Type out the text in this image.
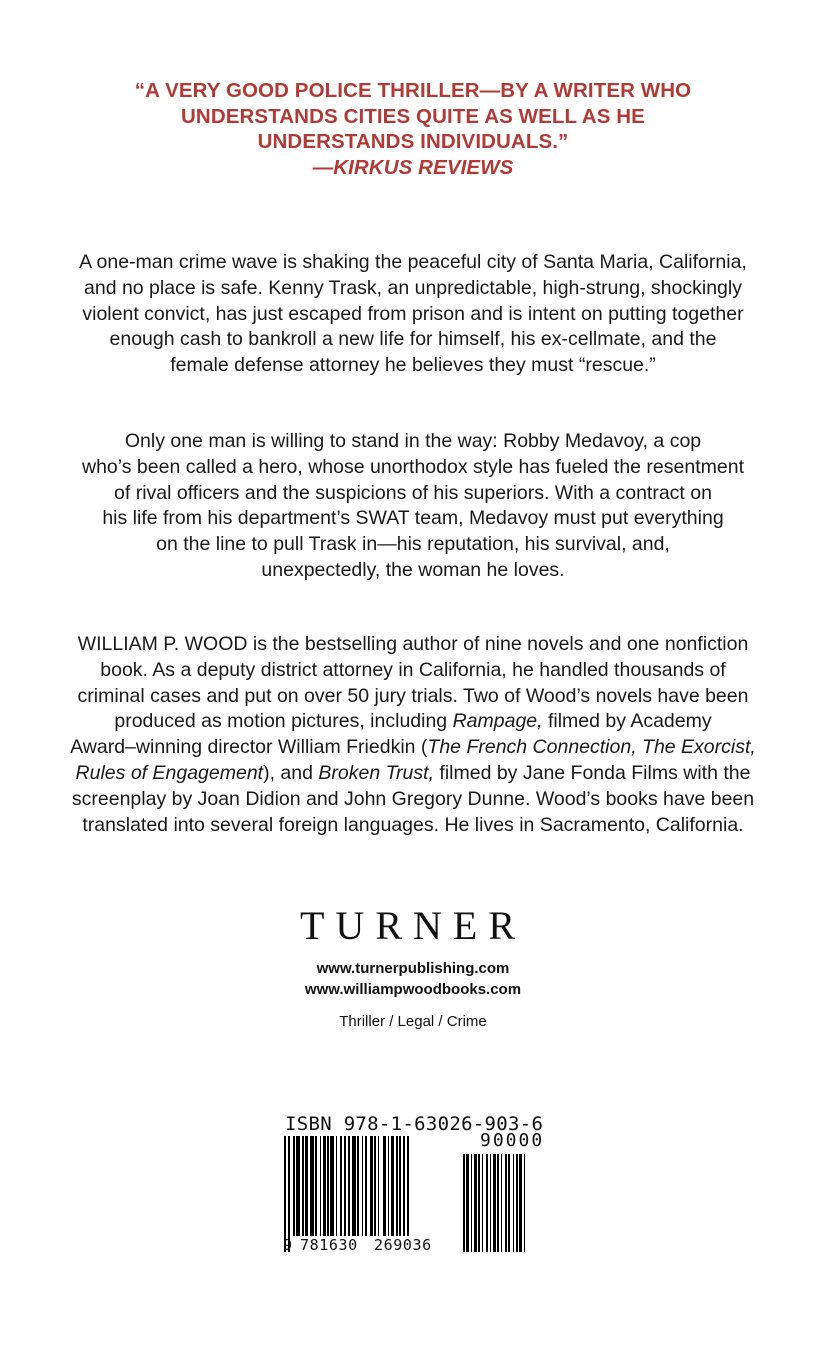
“A VERY GOOD POLICE THRILLER—BY A WRITER WHO
UNDERSTANDS CITIES QUITE AS WELL AS HE
UNDERSTANDS INDIVIDUALS.”
—KIRKUS REVIEWS
A one-man crime wave is shaking the peaceful city of Santa Maria, California,
and no place is safe. Kenny Trask, an unpredictable, high-strung, shockingly
violent convict, has just escaped from prison and is intent on putting together
enough cash to bankroll a new life for himself, his ex-cellmate, and the
female defense attorney he believes they must “rescue.”
Only one man is willing to stand in the way: Robby Medavoy, a cop
who’s been called a hero, whose unorthodox style has fueled the resentment
of rival officers and the suspicions of his superiors. With a contract on
his life from his department’s SWAT team, Medavoy must put everything
on the line to pull Trask in—his reputation, his survival, and,
unexpectedly, the woman he loves.
WILLIAM P. WOOD is the bestselling author of nine novels and one nonfiction
book. As a deputy district attorney in California, he handled thousands of
criminal cases and put on over 50 jury trials. Two of Wood’s novels have been
produced as motion pictures, including Rampage, filmed by Academy
Award–winning director William Friedkin (The French Connection, The Exorcist,
Rules of Engagement), and Broken Trust, filmed by Jane Fonda Films with the
screenplay by Joan Didion and John Gregory Dunne. Wood’s books have been
translated into several foreign languages. He lives in Sacramento, California.
TURNER
www.turnerpublishing.com
www.williampwoodbooks.com
Thriller / Legal / Crime
ISBN 978-1-63026-903-6
90000
9 781630 269036
